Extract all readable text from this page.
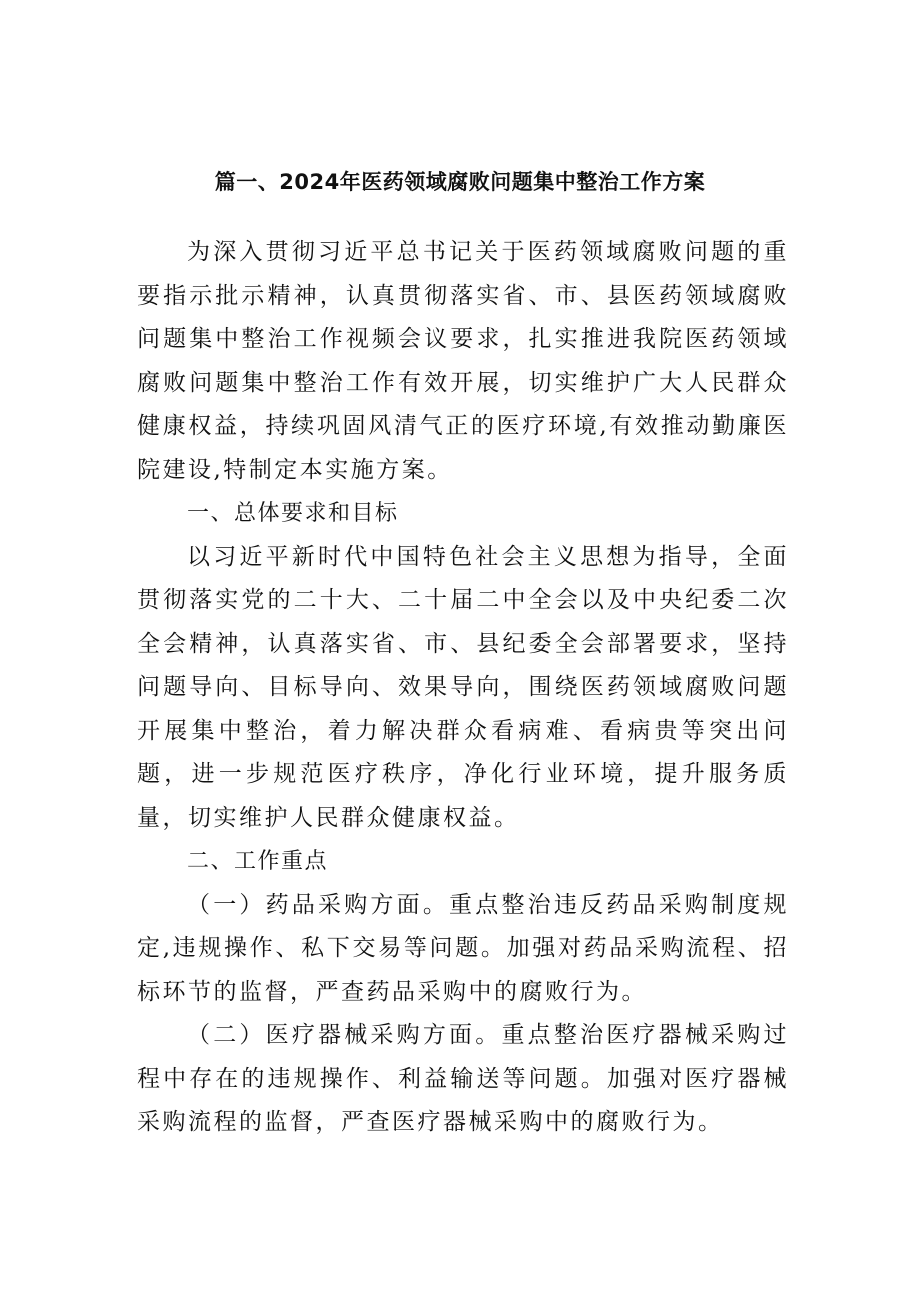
篇一、2024年医药领域腐败问题集中整治工作方案

为深入贯彻习近平总书记关于医药领域腐败问题的重要指示批示精神，认真贯彻落实省、市、县医药领域腐败问题集中整治工作视频会议要求，扎实推进我院医药领域腐败问题集中整治工作有效开展，切实维护广大人民群众健康权益，持续巩固风清气正的医疗环境,有效推动勤廉医院建设,特制定本实施方案。

一、总体要求和目标

以习近平新时代中国特色社会主义思想为指导，全面贯彻落实党的二十大、二十届二中全会以及中央纪委二次全会精神，认真落实省、市、县纪委全会部署要求，坚持问题导向、目标导向、效果导向，围绕医药领域腐败问题开展集中整治，着力解决群众看病难、看病贵等突出问题，进一步规范医疗秩序，净化行业环境，提升服务质量，切实维护人民群众健康权益。

二、工作重点

（一）药品采购方面。重点整治违反药品采购制度规定,违规操作、私下交易等问题。加强对药品采购流程、招标环节的监督，严查药品采购中的腐败行为。

（二）医疗器械采购方面。重点整治医疗器械采购过程中存在的违规操作、利益输送等问题。加强对医疗器械采购流程的监督，严查医疗器械采购中的腐败行为。
